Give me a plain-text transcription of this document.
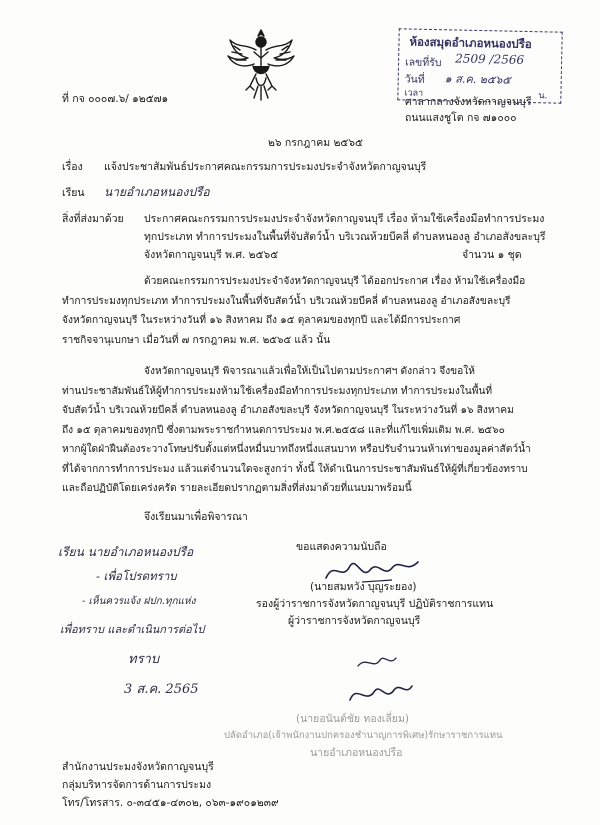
ห้องสมุดอำเภอหนองปรือ
เลขที่รับ 2509 /2566
วันที่ ๑ ส.ค. ๒๕๖๕
เวลา	น.
ที่ กจ ๐๐๐๗.๖/ ๑๒๕๗๑	ศาลากลางจังหวัดกาญจนบุรี
ถนนแสงชูโต กจ ๗๑๐๐๐
๒๖ กรกฎาคม ๒๕๖๕
เรื่อง แจ้งประชาสัมพันธ์ประกาศคณะกรรมการประมงประจำจังหวัดกาญจนบุรี
เรียน นายอำเภอหนองปรือ
สิ่งที่ส่งมาด้วย ประกาศคณะกรรมการประมงประจำจังหวัดกาญจนบุรี เรื่อง ห้ามใช้เครื่องมือทำการประมง
ทุกประเภท ทำการประมงในพื้นที่จับสัตว์น้ำ บริเวณห้วยบีคลี่ ตำบลหนองลู อำเภอสังขละบุรี
จังหวัดกาญจนบุรี พ.ศ. ๒๕๖๕	จำนวน ๑ ชุด
ด้วยคณะกรรมการประมงประจำจังหวัดกาญจนบุรี ได้ออกประกาศ เรื่อง ห้ามใช้เครื่องมือ
ทำการประมงทุกประเภท ทำการประมงในพื้นที่จับสัตว์น้ำ บริเวณห้วยบีคลี่ ตำบลหนองลู อำเภอสังขละบุรี
จังหวัดกาญจนบุรี ในระหว่างวันที่ ๑๖ สิงหาคม ถึง ๑๕ ตุลาคมของทุกปี และได้มีการประกาศ
ราชกิจจานุเบกษา เมื่อวันที่ ๗ กรกฎาคม พ.ศ. ๒๕๖๕ แล้ว นั้น
จังหวัดกาญจนบุรี พิจารณาแล้วเพื่อให้เป็นไปตามประกาศฯ ดังกล่าว จึงขอให้
ท่านประชาสัมพันธ์ให้ผู้ทำการประมงห้ามใช้เครื่องมือทำการประมงทุกประเภท ทำการประมงในพื้นที่
จับสัตว์น้ำ บริเวณห้วยบีคลี่ ตำบลหนองลู อำเภอสังขละบุรี จังหวัดกาญจนบุรี ในระหว่างวันที่ ๑๖ สิงหาคม
ถึง ๑๕ ตุลาคมของทุกปี ซึ่งตามพระราชกำหนดการประมง พ.ศ.๒๕๕๘ และที่แก้ไขเพิ่มเติม พ.ศ. ๒๕๖๐
หากผู้ใดฝ่าฝืนต้องระวางโทษปรับตั้งแต่หนึ่งหมื่นบาทถึงหนึ่งแสนบาท หรือปรับจำนวนห้าเท่าของมูลค่าสัตว์น้ำ
ที่ได้จากการทำการประมง แล้วแต่จำนวนใดจะสูงกว่า ทั้งนี้ ให้ดำเนินการประชาสัมพันธ์ให้ผู้ที่เกี่ยวข้องทราบ
และถือปฏิบัติโดยเคร่งครัด รายละเอียดปรากฏตามสิ่งที่ส่งมาด้วยที่แนบมาพร้อมนี้
จึงเรียนมาเพื่อพิจารณา
ขอแสดงความนับถือ
(นายสมหวัง บุญระยอง)
รองผู้ว่าราชการจังหวัดกาญจนบุรี ปฏิบัติราชการแทน
ผู้ว่าราชการจังหวัดกาญจนบุรี
เรียน นายอำเภอหนองปรือ
- เพื่อโปรดทราบ
- เห็นควรแจ้ง ฝปก.ทุกแห่ง
เพื่อทราบ และดำเนินการต่อไป
ทราบ
3 ส.ค. 2565
(นายอนันต์ชัย ทองเลี่ยม)
ปลัดอำเภอ(เจ้าพนักงานปกครองชำนาญการพิเศษ)รักษาราชการแทน
นายอำเภอหนองปรือ
สำนักงานประมงจังหวัดกาญจนบุรี
กลุ่มบริหารจัดการด้านการประมง
โทร/โทรสาร. ๐-๓๔๕๑-๔๓๐๒, ๐๖๓-๑๙๐๑๒๓๙
